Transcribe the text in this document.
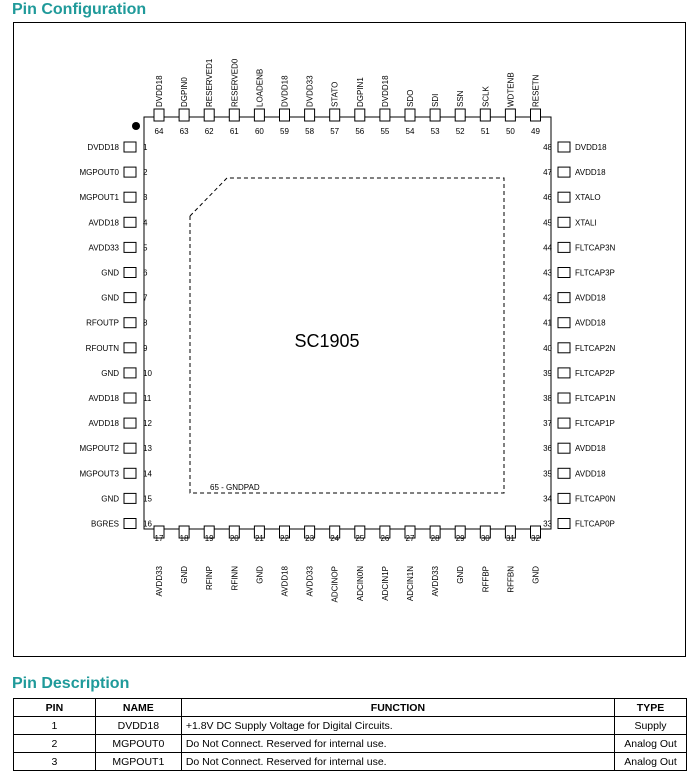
Pin Configuration
SC1905
65 - GNDPAD
1
DVDD18
2
MGPOUT0
3
MGPOUT1
4
AVDD18
5
AVDD33
6
GND
7
GND
8
RFOUTP
9
RFOUTN
10
GND
11
AVDD18
12
AVDD18
13
MGPOUT2
14
MGPOUT3
15
GND
16
BGRES
48	DVDD18
47	AVDD18
46	XTALO
45	XTALI
44	FLTCAP3N
43	FLTCAP3P
42	AVDD18
41	AVDD18
40	FLTCAP2N
39	FLTCAP2P
38	FLTCAP1N
37	FLTCAP1P
36	AVDD18
35	AVDD18
34	FLTCAP0N
33	FLTCAP0P
64
DVDD18
63
DGPIN0
62
RESERVED1
61
RESERVED0
60
LOADENB
59
DVDD18
58
DVDD33
57
STATO
56
DGPIN1
55
DVDD18
54
SDO
53
SDI
52
SSN
51
SCLK
50
WDTENB
49
RESETN
17
AVDD33
18
GND
19
RFINP
20
RFINN
21
GND
22
AVDD18
23
AVDD33
24
ADCINOP
25
ADCIN0N
26
ADCIN1P
27
ADCIN1N
28
AVDD33
29
GND
30
RFFBP
31
RFFBN
32
GND
Pin Description
PIN	NAME	FUNCTION	TYPE
1	DVDD18	+1.8V DC Supply Voltage for Digital Circuits.	Supply
2	MGPOUT0	Do Not Connect. Reserved for internal use.	Analog Out
3	MGPOUT1	Do Not Connect. Reserved for internal use.	Analog Out
